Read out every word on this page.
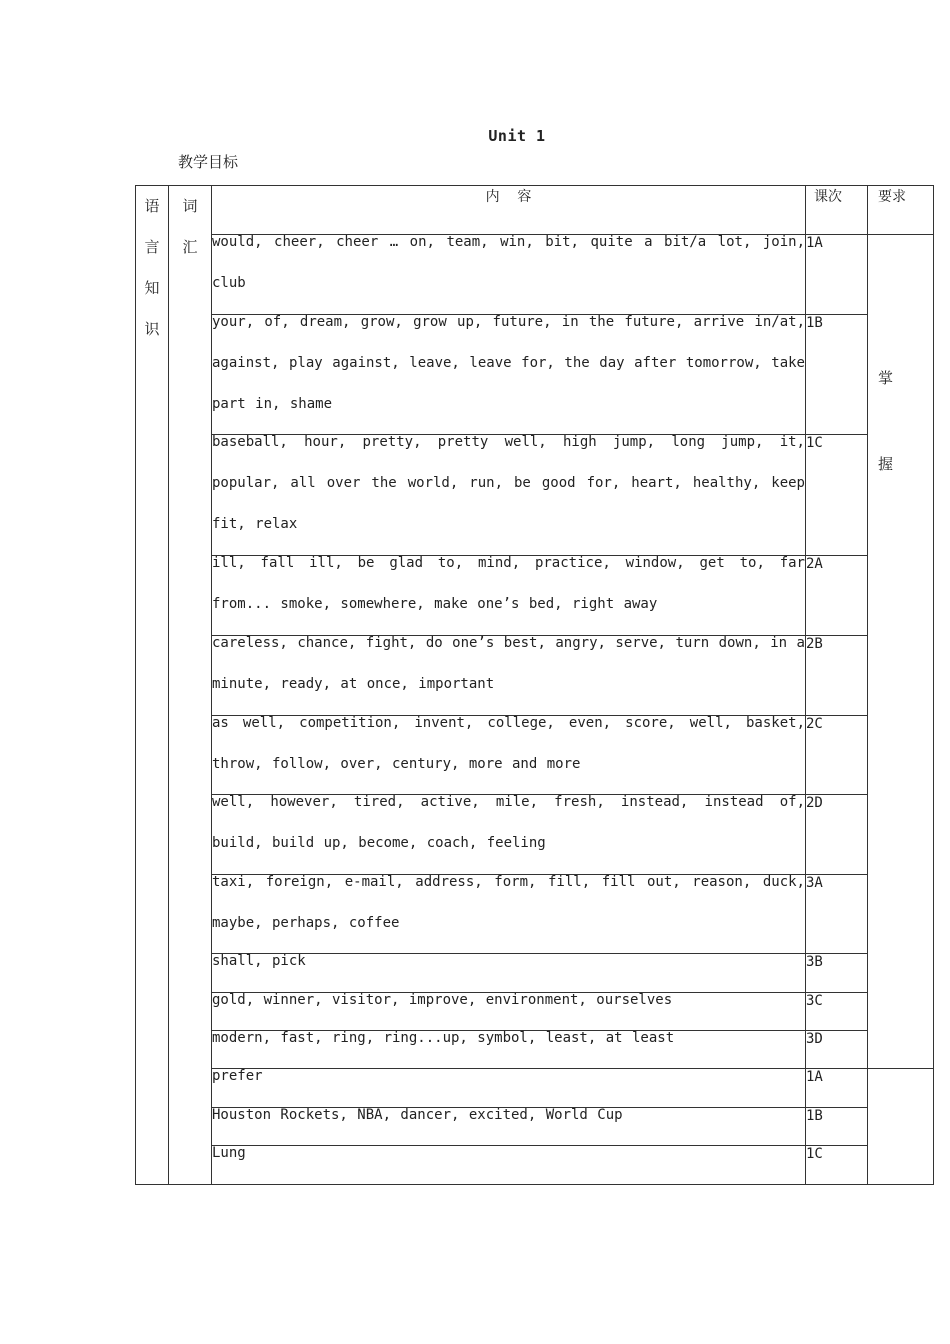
Unit 1
教学目标
语言知识	词汇	内    容	课次	要求

		would, cheer, cheer … on, team, win, bit, quite a bit/a lot, join, club	1A	掌握

		your, of, dream, grow, grow up, future, in the future, arrive in/at, against, play against, leave, leave for, the day after tomorrow, take part in, shame	1B	

		baseball, hour, pretty, pretty well, high jump, long jump, it, popular, all over the world, run, be good for, heart, healthy, keep fit, relax	1C	

		ill, fall ill, be glad to, mind, practice, window, get to, far from... smoke, somewhere, make one’s bed, right away	2A	

		careless, chance, fight, do one’s best, angry, serve, turn down, in a minute, ready, at once, important	2B	

		as well, competition, invent, college, even, score, well, basket, throw, follow, over, century, more and more	2C	

		well, however, tired, active, mile, fresh, instead, instead of, build, build up, become, coach, feeling	2D	

		taxi, foreign, e-mail, address, form, fill, fill out, reason, duck, maybe, perhaps, coffee	3A	

		shall, pick	3B	

		gold, winner, visitor, improve, environment, ourselves	3C	

		modern, fast, ring, ring...up, symbol, least, at least	3D	

		prefer	1A	

		Houston Rockets, NBA, dancer, excited, World Cup	1B	

		Lung	1C	
